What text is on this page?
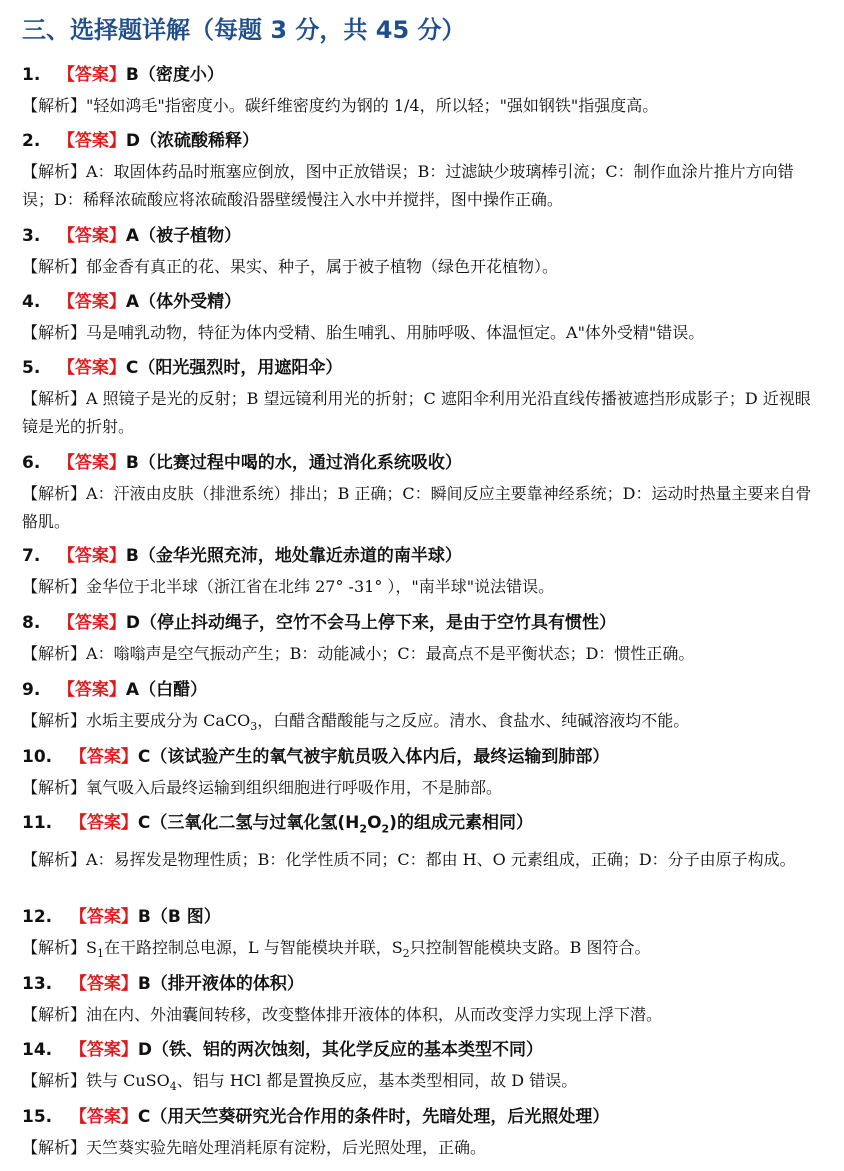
三、选择题详解（每题 3 分，共 45 分）
1. 【答案】B（密度小）
【解析】"轻如鸿毛"指密度小。碳纤维密度约为钢的 1/4，所以轻；"强如钢铁"指强度高。
2. 【答案】D（浓硫酸稀释）
【解析】A：取固体药品时瓶塞应倒放，图中正放错误；B：过滤缺少玻璃棒引流；C：制作血涂片推片方向错误；D：稀释浓硫酸应将浓硫酸沿器壁缓慢注入水中并搅拌，图中操作正确。
3. 【答案】A（被子植物）
【解析】郁金香有真正的花、果实、种子，属于被子植物（绿色开花植物）。
4. 【答案】A（体外受精）
【解析】马是哺乳动物，特征为体内受精、胎生哺乳、用肺呼吸、体温恒定。A"体外受精"错误。
5. 【答案】C（阳光强烈时，用遮阳伞）
【解析】A 照镜子是光的反射；B 望远镜利用光的折射；C 遮阳伞利用光沿直线传播被遮挡形成影子；D 近视眼镜是光的折射。
6. 【答案】B（比赛过程中喝的水，通过消化系统吸收）
【解析】A：汗液由皮肤（排泄系统）排出；B 正确；C：瞬间反应主要靠神经系统；D：运动时热量主要来自骨骼肌。
7. 【答案】B（金华光照充沛，地处靠近赤道的南半球）
【解析】金华位于北半球（浙江省在北纬 27° -31° ），"南半球"说法错误。
8. 【答案】D（停止抖动绳子，空竹不会马上停下来，是由于空竹具有惯性）
【解析】A：嗡嗡声是空气振动产生；B：动能减小；C：最高点不是平衡状态；D：惯性正确。
9. 【答案】A（白醋）
【解析】水垢主要成分为 CaCO$_3$，白醋含醋酸能与之反应。清水、食盐水、纯碱溶液均不能。
10. 【答案】C（该试验产生的氧气被宇航员吸入体内后，最终运输到肺部）
【解析】氧气吸入后最终运输到组织细胞进行呼吸作用，不是肺部。
11. 【答案】C（三氧化二氢与过氧化氢$(H_2O_2)$的组成元素相同）
【解析】A：易挥发是物理性质；B：化学性质不同；C：都由 H、O 元素组成，正确；D：分子由原子构成。
12. 【答案】B（B 图）
【解析】$S_1$在干路控制总电源，L 与智能模块并联，$S_2$只控制智能模块支路。B 图符合。
13. 【答案】B（排开液体的体积）
【解析】油在内、外油囊间转移，改变整体排开液体的体积，从而改变浮力实现上浮下潜。
14. 【答案】D（铁、铝的两次蚀刻，其化学反应的基本类型不同）
【解析】铁与 CuSO$_4$、铝与 HCl 都是置换反应，基本类型相同，故 D 错误。
15. 【答案】C（用天竺葵研究光合作用的条件时，先暗处理，后光照处理）
【解析】天竺葵实验先暗处理消耗原有淀粉，后光照处理，正确。
